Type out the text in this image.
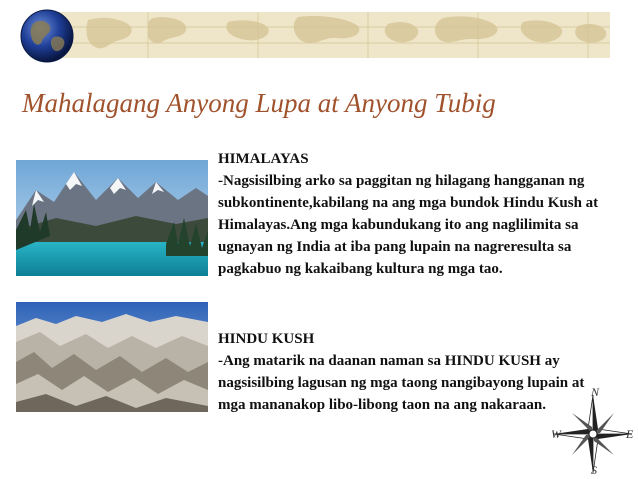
Mahalagang Anyong Lupa at Anyong Tubig

HIMALAYAS

-Nagsisilbing arko sa paggitan ng hilagang hangganan ng subkontinente,kabilang na ang mga bundok Hindu Kush at Himalayas.Ang mga kabundukang ito ang naglilimita sa ugnayan ng India at iba pang lupain na nagreresulta sa pagkabuo ng kakaibang kultura ng mga tao.

HINDU KUSH

-Ang matarik na daanan naman sa HINDU KUSH ay nagsisilbing lagusan ng mga taong nangibayong lupain at mga mananakop libo-libong taon na ang nakaraan.

N
S
E
W
